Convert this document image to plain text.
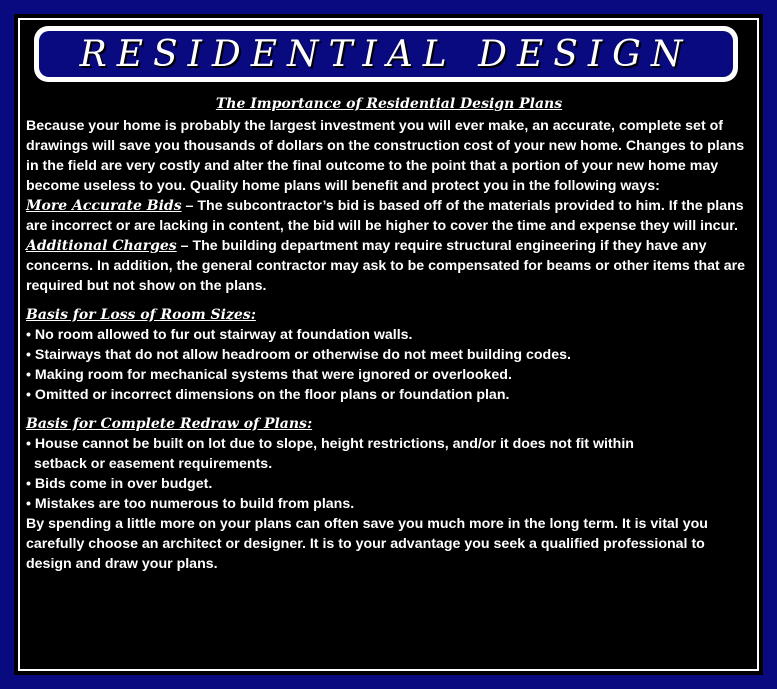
RESIDENTIAL DESIGN
The Importance of Residential Design Plans

Because your home is probably the largest investment you will ever make, an accurate, complete set of drawings will save you thousands of dollars on the construction cost of your new home. Changes to plans in the field are very costly and alter the final outcome to the point that a portion of your new home may become useless to you. Quality home plans will benefit and protect you in the following ways:

More Accurate Bids – The subcontractor’s bid is based off of the materials provided to him. If the plans are incorrect or are lacking in content, the bid will be higher to cover the time and expense they will incur.

Additional Charges – The building department may require structural engineering if they have any concerns. In addition, the general contractor may ask to be compensated for beams or other items that are required but not show on the plans.

Basis for Loss of Room Sizes:

• No room allowed to fur out stairway at foundation walls.

• Stairways that do not allow headroom or otherwise do not meet building codes.

• Making room for mechanical systems that were ignored or overlooked.

• Omitted or incorrect dimensions on the floor plans or foundation plan.

Basis for Complete Redraw of Plans:

• House cannot be built on lot due to slope, height restrictions, and/or it does not fit within

setback or easement requirements.

• Bids come in over budget.

• Mistakes are too numerous to build from plans.

By spending a little more on your plans can often save you much more in the long term. It is vital you carefully choose an architect or designer. It is to your advantage you seek a qualified professional to design and draw your plans.
